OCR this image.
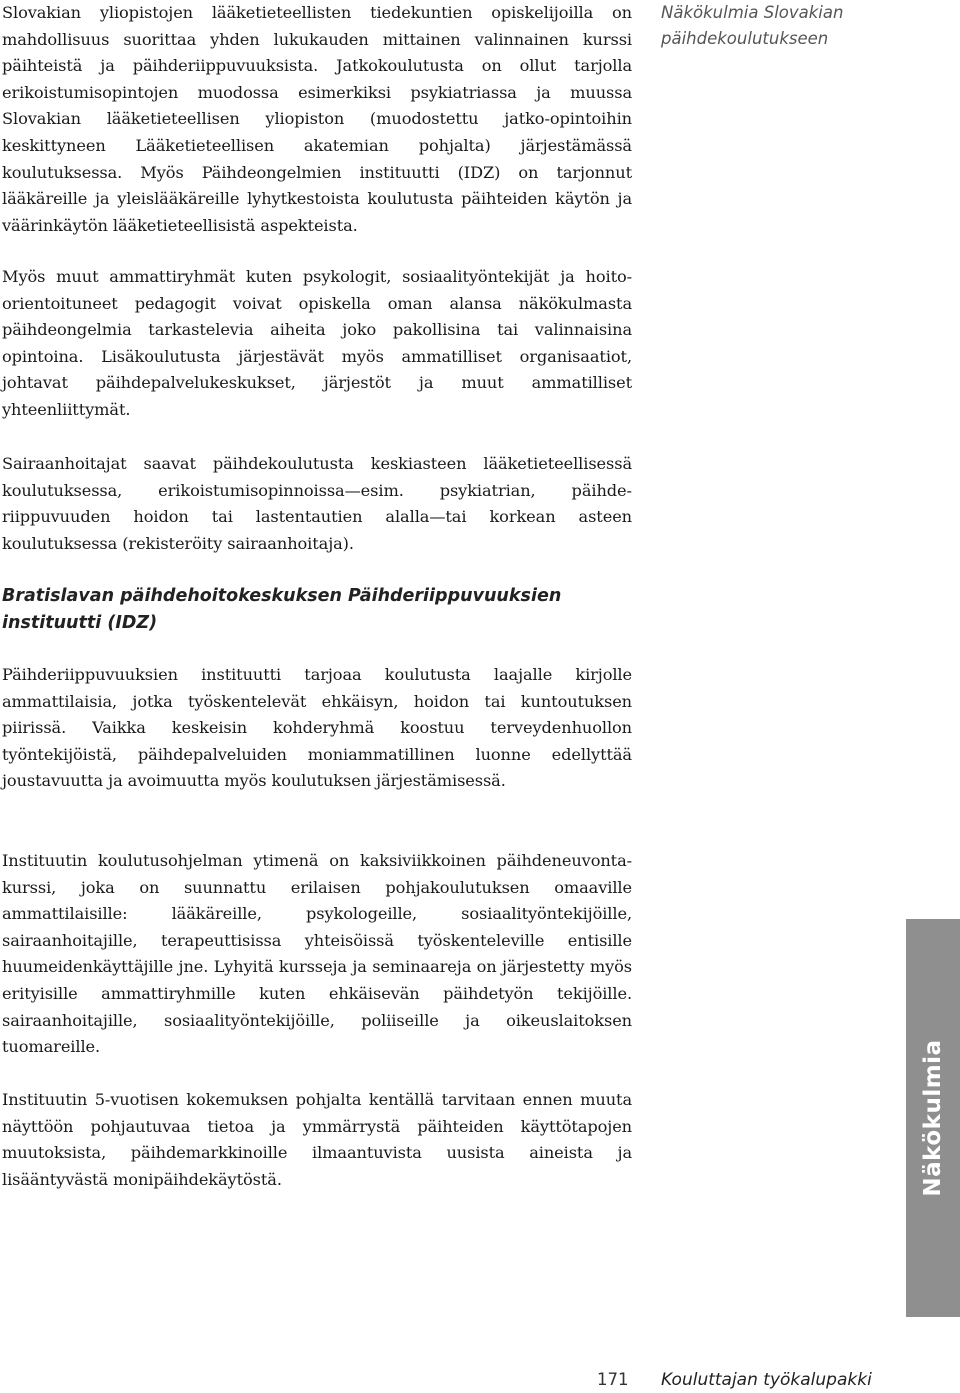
Slovakian yliopistojen lääketieteellisten tiedekuntien opiskelijoilla on mahdollisuus suorittaa yhden lukukauden mittainen valinnainen kurssi päihteistä ja päihderiippuvuuksista. Jatkokoulutusta on ollut tarjolla erikoistumisopintojen muodossa esimerkiksi psykiatriassa ja muussa Slovakian lääketieteellisen yliopiston (muodostettu jatko-opintoihin keskittyneen Lääketieteellisen akatemian pohjalta) järjestämässä koulutuksessa. Myös Päihdeongelmien instituutti (IDZ) on tarjonnut lääkäreille ja yleislääkäreille lyhytkestoista koulutusta päihteiden käytön ja väärinkäytön lääketieteellisistä aspekteista.

Myös muut ammattiryhmät kuten psykologit, sosiaalityöntekijät ja hoito-orientoituneet pedagogit voivat opiskella oman alansa näkökulmasta päihdeongelmia tarkastelevia aiheita joko pakollisina tai valinnaisina opintoina. Lisäkoulutusta järjestävät myös ammatilliset organisaatiot, johtavat päihdepalvelukeskukset, järjestöt ja muut ammatilliset yhteenliittymät.

Sairaanhoitajat saavat päihdekoulutusta keskiasteen lääketieteellisessä koulutuksessa, erikoistumisopinnoissa—esim. psykiatrian, päihderiippuvuuden hoidon tai lastentautien alalla—tai korkean asteen koulutuksessa (rekisteröity sairaanhoitaja).

Bratislavan päihdehoitokeskuksen Päihderiippuvuuksien instituutti (IDZ)

Päihderiippuvuuksien instituutti tarjoaa koulutusta laajalle kirjolle ammattilaisia, jotka työskentelevät ehkäisyn, hoidon tai kuntoutuksen piirissä. Vaikka keskeisin kohderyhmä koostuu terveydenhuollon työntekijöistä, päihdepalveluiden moniammatillinen luonne edellyttää joustavuutta ja avoimuutta myös koulutuksen järjestämisessä.

Instituutin koulutusohjelman ytimenä on kaksiviikkoinen päihdeneuvonta-kurssi, joka on suunnattu erilaisen pohjakoulutuksen omaaville ammattilaisille: lääkäreille, psykologeille, sosiaalityöntekijöille, sairaanhoitajille, terapeuttisissa yhteisöissä työskenteleville entisille huumeidenkäyttäjille jne. Lyhyitä kursseja ja seminaareja on järjestetty myös erityisille ammattiryhmille kuten ehkäisevän päihdetyön tekijöille. sairaanhoitajille, sosiaalityöntekijöille, poliiseille ja oikeuslaitoksen tuomareille.

Instituutin 5-vuotisen kokemuksen pohjalta kentällä tarvitaan ennen muuta näyttöön pohjautuvaa tietoa ja ymmärrystä päihteiden käyttötapojen muutoksista, päihdemarkkinoille ilmaantuvista uusista aineista ja lisääntyvästä monipäihdekäytöstä.

Näkökulmia Slovakian päihdekoulutukseen

Näkökulmia
171 Kouluttajan työkalupakki
